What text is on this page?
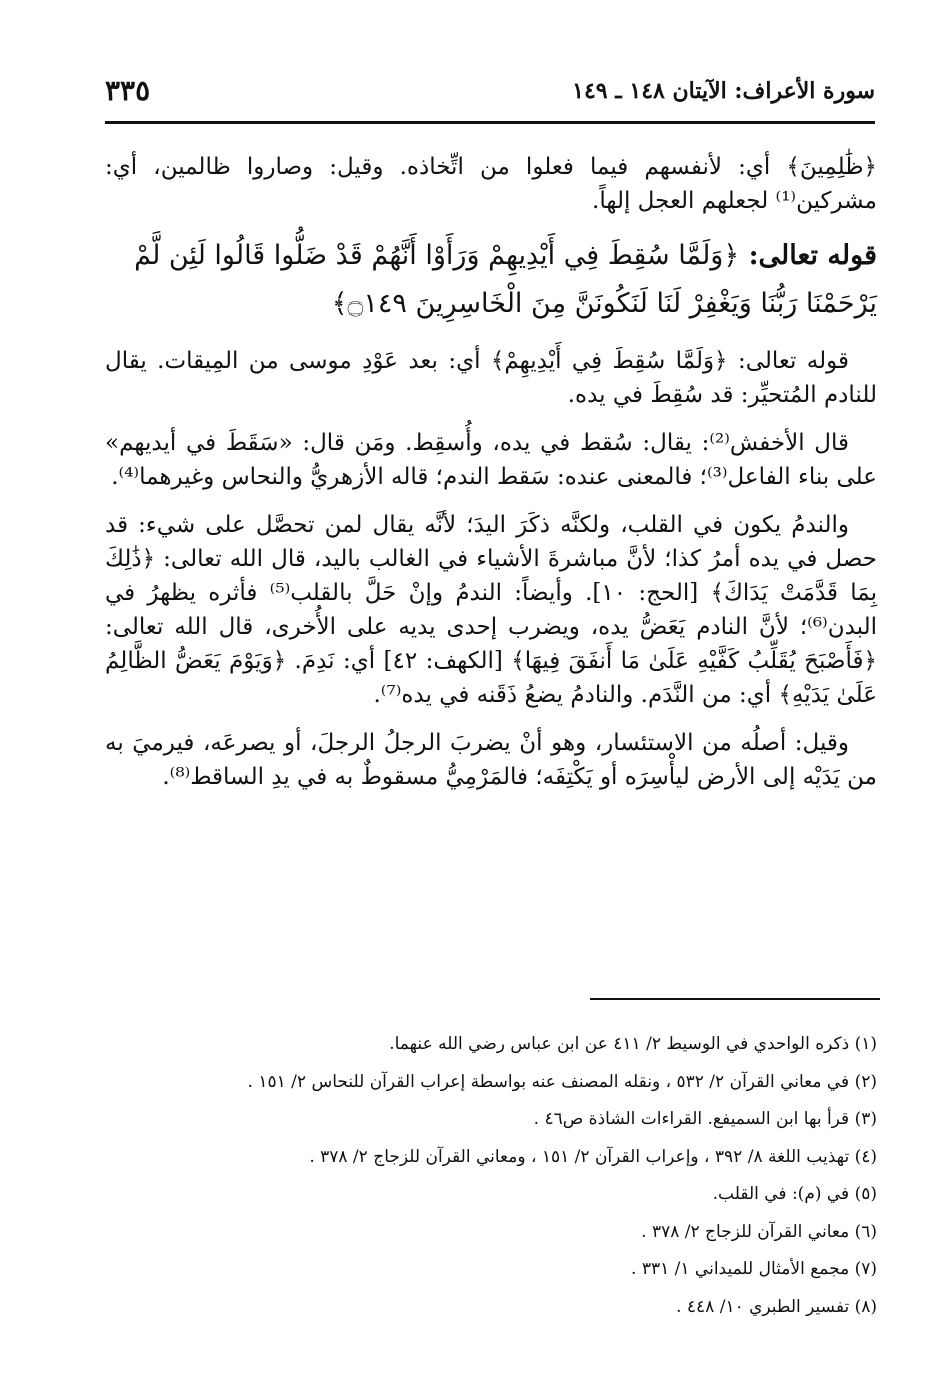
سورة الأعراف: الآيتان ١٤٨ ـ ١٤٩
٣٣٥

﴿ظَٰلِمِينَ﴾ أي: لأنفسهم فيما فعلوا من اتِّخاذه. وقيل: وصاروا ظالمين، أي: مشركين⁽¹⁾ لجعلهم العجل إلهاً.

قوله تعالى: ﴿وَلَمَّا سُقِطَ فِي أَيْدِيهِمْ وَرَأَوْا أَنَّهُمْ قَدْ ضَلُّوا قَالُوا لَئِن لَّمْ يَرْحَمْنَا رَبُّنَا وَيَغْفِرْ لَنَا لَنَكُونَنَّ مِنَ الْخَاسِرِينَ ۝١٤٩﴾

قوله تعالى: ﴿وَلَمَّا سُقِطَ فِي أَيْدِيهِمْ﴾ أي: بعد عَوْدِ موسى من المِيقات. يقال للنادم المُتحيِّر: قد سُقِطَ في يده.

قال الأخفش⁽²⁾: يقال: سُقط في يده، وأُسقِط. ومَن قال: «سَقَطَ في أيديهم» على بناء الفاعل⁽³⁾؛ فالمعنى عنده: سَقط الندم؛ قاله الأزهريُّ والنحاس وغيرهما⁽⁴⁾.

والندمُ يكون في القلب، ولكنَّه ذكَرَ اليدَ؛ لأنَّه يقال لمن تحصَّل على شيء: قد حصل في يده أمرُ كذا؛ لأنَّ مباشرةَ الأشياء في الغالب باليد، قال الله تعالى: ﴿ذَٰلِكَ بِمَا قَدَّمَتْ يَدَاكَ﴾ [الحج: ١٠]. وأيضاً: الندمُ وإنْ حَلَّ بالقلب⁽⁵⁾ فأثره يظهرُ في البدن⁽⁶⁾؛ لأنَّ النادم يَعَضُّ يده، ويضرب إحدى يديه على الأُخرى، قال الله تعالى: ﴿فَأَصْبَحَ يُقَلِّبُ كَفَّيْهِ عَلَىٰ مَا أَنفَقَ فِيهَا﴾ [الكهف: ٤٢] أي: نَدِمَ. ﴿وَيَوْمَ يَعَضُّ الظَّالِمُ عَلَىٰ يَدَيْهِ﴾ أي: من النَّدَم. والنادمُ يضعُ ذَقَنه في يده⁽⁷⁾.

وقيل: أصلُه من الاستئسار، وهو أنْ يضربَ الرجلُ الرجلَ، أو يصرعَه، فيرميَ به من يَدَيْه إلى الأرض ليأْسِرَه أو يَكْتِفَه؛ فالمَرْمِيُّ مسقوطٌ به في يدِ الساقط⁽⁸⁾.

(١) ذكره الواحدي في الوسيط ٢/ ٤١١ عن ابن عباس رضي الله عنهما.
(٢) في معاني القرآن ٢/ ٥٣٢ ، ونقله المصنف عنه بواسطة إعراب القرآن للنحاس ٢/ ١٥١ .
(٣) قرأ بها ابن السميفع. القراءات الشاذة ص٤٦ .
(٤) تهذيب اللغة ٨/ ٣٩٢ ، وإعراب القرآن ٢/ ١٥١ ، ومعاني القرآن للزجاج ٢/ ٣٧٨ .
(٥) في (م): في القلب.
(٦) معاني القرآن للزجاج ٢/ ٣٧٨ .
(٧) مجمع الأمثال للميداني ١/ ٣٣١ .
(٨) تفسير الطبري ١٠/ ٤٤٨ .
